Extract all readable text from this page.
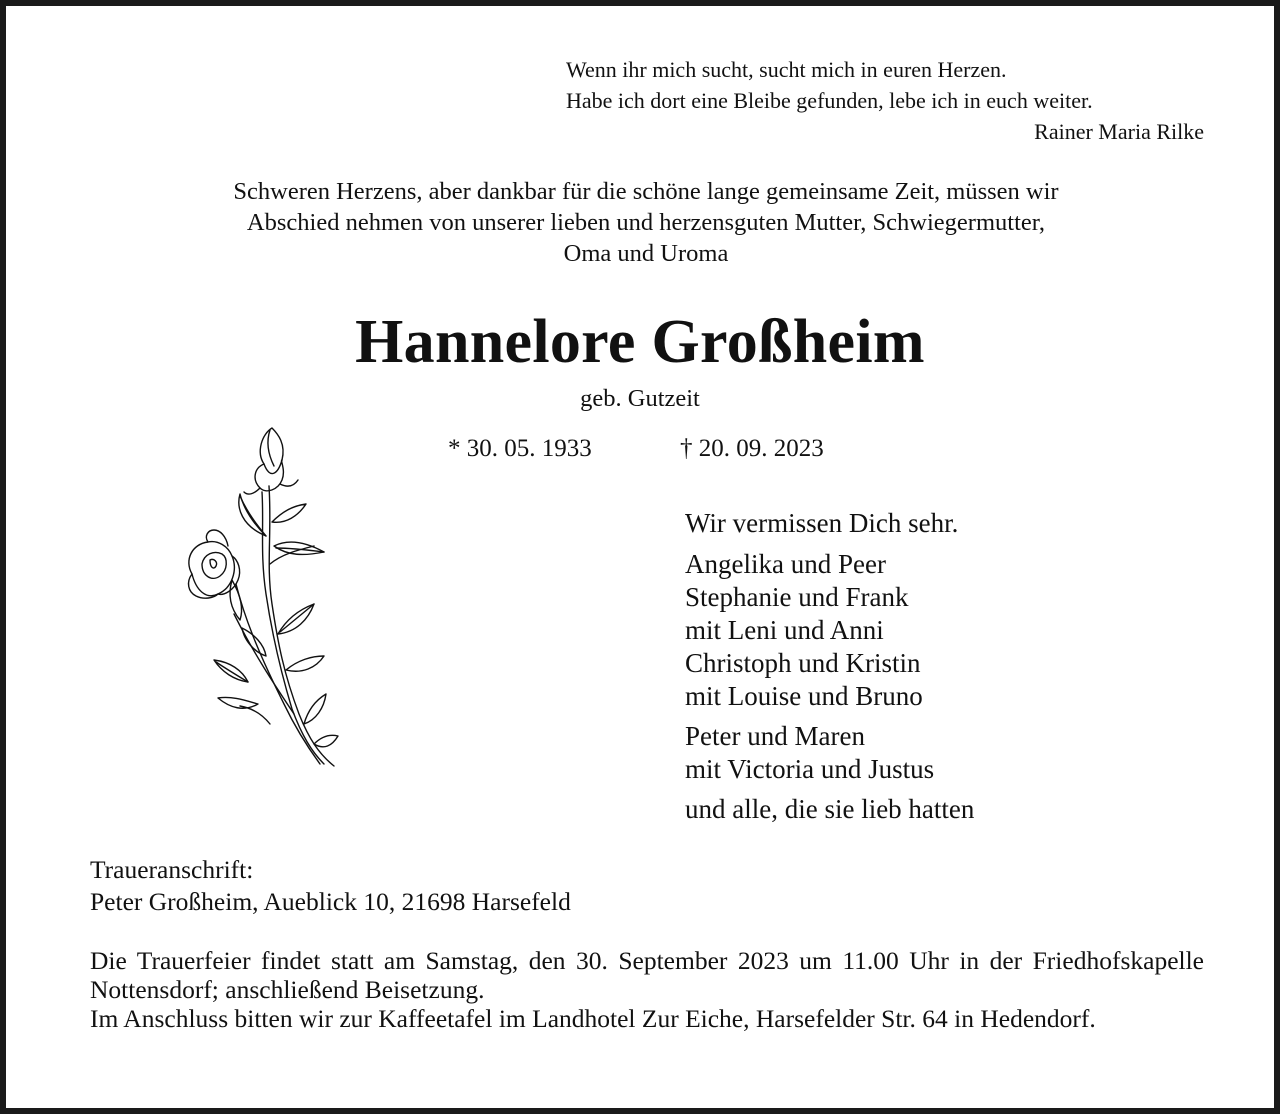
Wenn ihr mich sucht, sucht mich in euren Herzen.
Habe ich dort eine Bleibe gefunden, lebe ich in euch weiter.
Rainer Maria Rilke
Schweren Herzens, aber dankbar für die schöne lange gemeinsame Zeit, müssen wir
Abschied nehmen von unserer lieben und herzensguten Mutter, Schwiegermutter,
Oma und Uroma
Hannelore Großheim
geb. Gutzeit
* 30. 05. 1933	† 20. 09. 2023
Wir vermissen Dich sehr.
Angelika und Peer
Stephanie und Frank
mit Leni und Anni
Christoph und Kristin
mit Louise und Bruno
Peter und Maren
mit Victoria und Justus
und alle, die sie lieb hatten
Traueranschrift:
Peter Großheim, Aueblick 10, 21698 Harsefeld

Die Trauerfeier findet statt am Samstag, den 30. September 2023 um 11.00 Uhr in der Friedhofskapelle Nottensdorf; anschließend Beisetzung.

Im Anschluss bitten wir zur Kaffeetafel im Landhotel Zur Eiche, Harsefelder Str. 64 in Hedendorf.
